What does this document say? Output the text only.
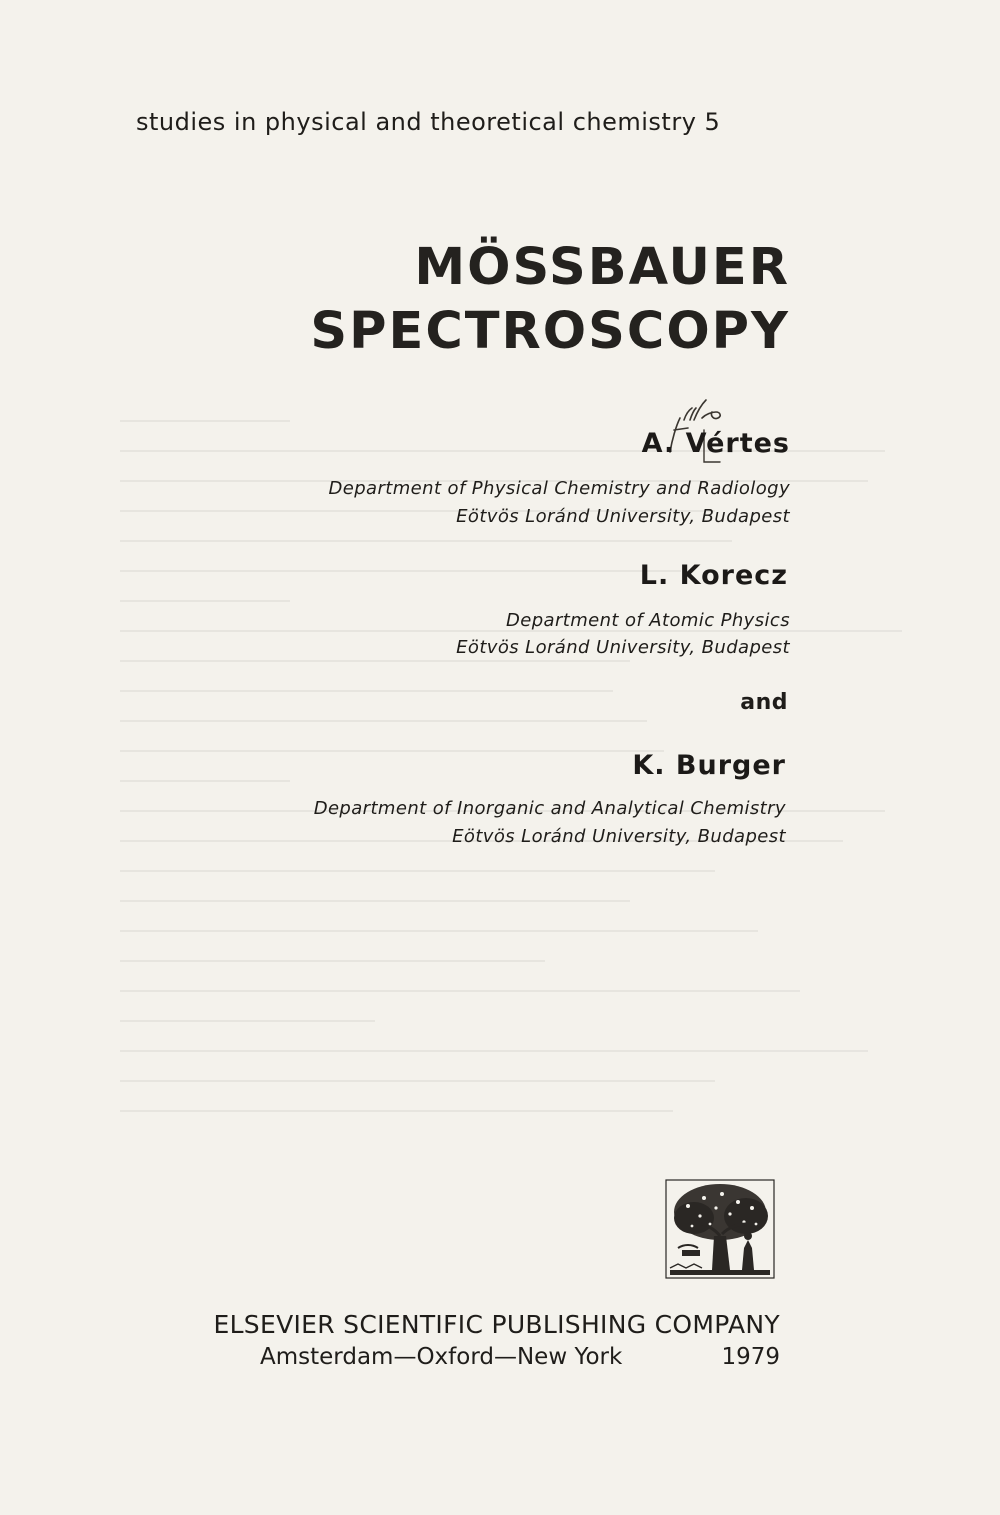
studies in physical and theoretical chemistry 5
MÖSSBAUER
SPECTROSCOPY
A. Vértes
Department of Physical Chemistry and Radiology
Eötvös Loránd University, Budapest
L. Korecz
Department of Atomic Physics
Eötvös Loránd University, Budapest
and
K. Burger
Department of Inorganic and Analytical Chemistry
Eötvös Loránd University, Budapest
ELSEVIER SCIENTIFIC PUBLISHING COMPANY
Amsterdam—Oxford—New York	1979
